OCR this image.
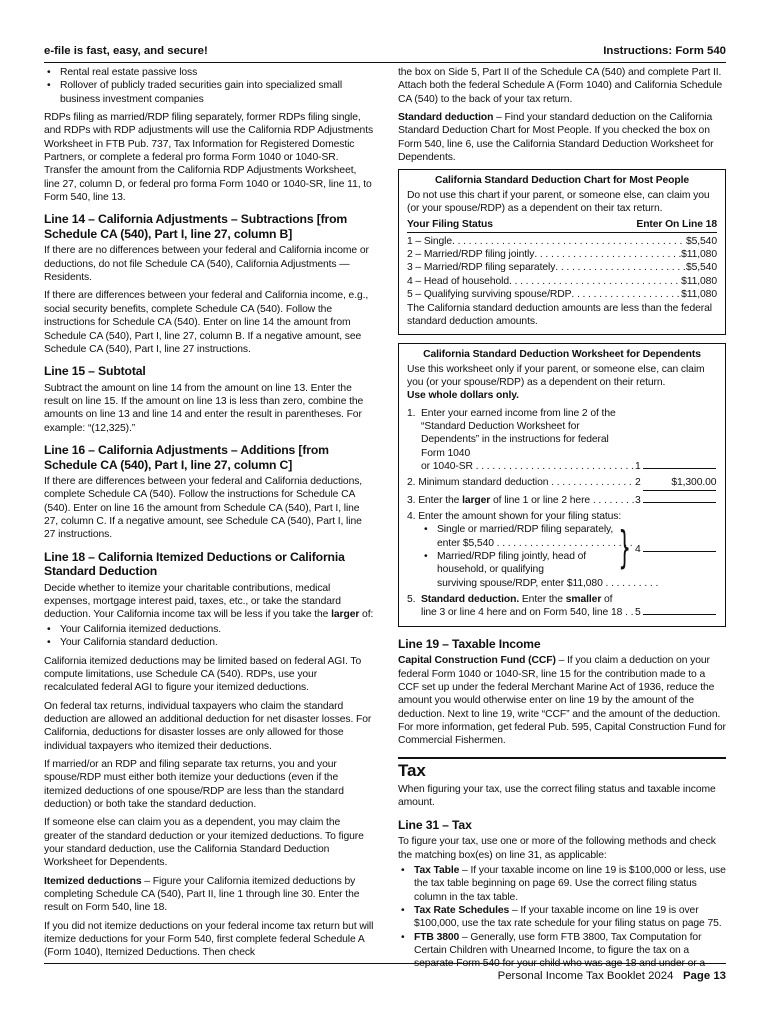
e-file is fast, easy, and secure!	Instructions: Form 540
• Rental real estate passive loss
• Rollover of publicly traded securities gain into specialized small business investment companies

RDPs filing as married/RDP filing separately, former RDPs filing single, and RDPs with RDP adjustments will use the California RDP Adjustments Worksheet in FTB Pub. 737, Tax Information for Registered Domestic Partners, or complete a federal pro forma Form 1040 or 1040-SR. Transfer the amount from the California RDP Adjustments Worksheet, line 27, column D, or federal pro forma Form 1040 or 1040-SR, line 11, to Form 540, line 13.

Line 14 – California Adjustments – Subtractions [from Schedule CA (540), Part I, line 27, column B]

If there are no differences between your federal and California income or deductions, do not file Schedule CA (540), California Adjustments — Residents.

If there are differences between your federal and California income, e.g., social security benefits, complete Schedule CA (540). Follow the instructions for Schedule CA (540). Enter on line 14 the amount from Schedule CA (540), Part I, line 27, column B. If a negative amount, see Schedule CA (540), Part I, line 27 instructions.

Line 15 – Subtotal

Subtract the amount on line 14 from the amount on line 13. Enter the result on line 15. If the amount on line 13 is less than zero, combine the amounts on line 13 and line 14 and enter the result in parentheses. For example: “(12,325).”

Line 16 – California Adjustments – Additions [from Schedule CA (540), Part I, line 27, column C]

If there are differences between your federal and California deductions, complete Schedule CA (540). Follow the instructions for Schedule CA (540). Enter on line 16 the amount from Schedule CA (540), Part I, line 27, column C. If a negative amount, see Schedule CA (540), Part I, line 27 instructions.

Line 18 – California Itemized Deductions or California Standard Deduction

Decide whether to itemize your charitable contributions, medical expenses, mortgage interest paid, taxes, etc., or take the standard deduction. Your California income tax will be less if you take the larger of:

• Your California itemized deductions.
• Your California standard deduction.

California itemized deductions may be limited based on federal AGI. To compute limitations, use Schedule CA (540). RDPs, use your recalculated federal AGI to figure your itemized deductions.

On federal tax returns, individual taxpayers who claim the standard deduction are allowed an additional deduction for net disaster losses. For California, deductions for disaster losses are only allowed for those individual taxpayers who itemized their deductions.

If married/or an RDP and filing separate tax returns, you and your spouse/RDP must either both itemize your deductions (even if the itemized deductions of one spouse/RDP are less than the standard deduction) or both take the standard deduction.

If someone else can claim you as a dependent, you may claim the greater of the standard deduction or your itemized deductions. To figure your standard deduction, use the California Standard Deduction Worksheet for Dependents.

Itemized deductions – Figure your California itemized deductions by completing Schedule CA (540), Part II, line 1 through line 30. Enter the result on Form 540, line 18.

If you did not itemize deductions on your federal income tax return but will itemize deductions for your Form 540, first complete federal Schedule A (Form 1040), Itemized Deductions. Then check

the box on Side 5, Part II of the Schedule CA (540) and complete Part II. Attach both the federal Schedule A (Form 1040) and California Schedule CA (540) to the back of your tax return.

Standard deduction – Find your standard deduction on the California Standard Deduction Chart for Most People. If you checked the box on Form 540, line 6, use the California Standard Deduction Worksheet for Dependents.

California Standard Deduction Chart for Most People
Do not use this chart if your parent, or someone else, can claim you (or your spouse/RDP) as a dependent on their tax return.
Your Filing Status	Enter On Line 18
1 – Single . . .	$5,540
2 – Married/RDP filing jointly . . .	$11,080
3 – Married/RDP filing separately . . .	$5,540
4 – Head of household . . .	$11,080
5 – Qualifying surviving spouse/RDP . . .	$11,080
The California standard deduction amounts are less than the federal standard deduction amounts.
California Standard Deduction Worksheet for Dependents
Use this worksheet only if your parent, or someone else, can claim you (or your spouse/RDP) as a dependent on their return.
Use whole dollars only.
1. Enter your earned income from line 2 of the “Standard Deduction Worksheet for Dependents” in the instructions for federal Form 1040
or 1040-SR . . .	1
2. Minimum standard deduction . . .	2	$1,300.00
3. Enter the larger of line 1 or line 2 here . . .	3
4. Enter the amount shown for your filing status:
• Single or married/RDP filing separately,
enter $5,540 . . . . . . . . . . . . . . . . . . . . . . . . .
• Married/RDP filing jointly, head of household, or qualifying
surviving spouse/RDP, enter $11,080 . . . . . . . . . .
} 4
5. Standard deduction. Enter the smaller of
line 3 or line 4 here and on Form 540, line 18 . . .	5
Line 19 – Taxable Income

Capital Construction Fund (CCF) – If you claim a deduction on your federal Form 1040 or 1040-SR, line 15 for the contribution made to a CCF set up under the federal Merchant Marine Act of 1936, reduce the amount you would otherwise enter on line 19 by the amount of the deduction. Next to line 19, write “CCF” and the amount of the deduction. For more information, get federal Pub. 595, Capital Construction Fund for Commercial Fishermen.

Tax

When figuring your tax, use the correct filing status and taxable income amount.

Line 31 – Tax

To figure your tax, use one or more of the following methods and check the matching box(es) on line 31, as applicable:

• Tax Table – If your taxable income on line 19 is $100,000 or less, use the tax table beginning on page 69. Use the correct filing status column in the tax table.
• Tax Rate Schedules – If your taxable income on line 19 is over $100,000, use the tax rate schedule for your filing status on page 75.
• FTB 3800 – Generally, use form FTB 3800, Tax Computation for Certain Children with Unearned Income, to figure the tax on a separate Form 540 for your child who was age 18 and under or a
Personal Income Tax Booklet 2024 Page 13
